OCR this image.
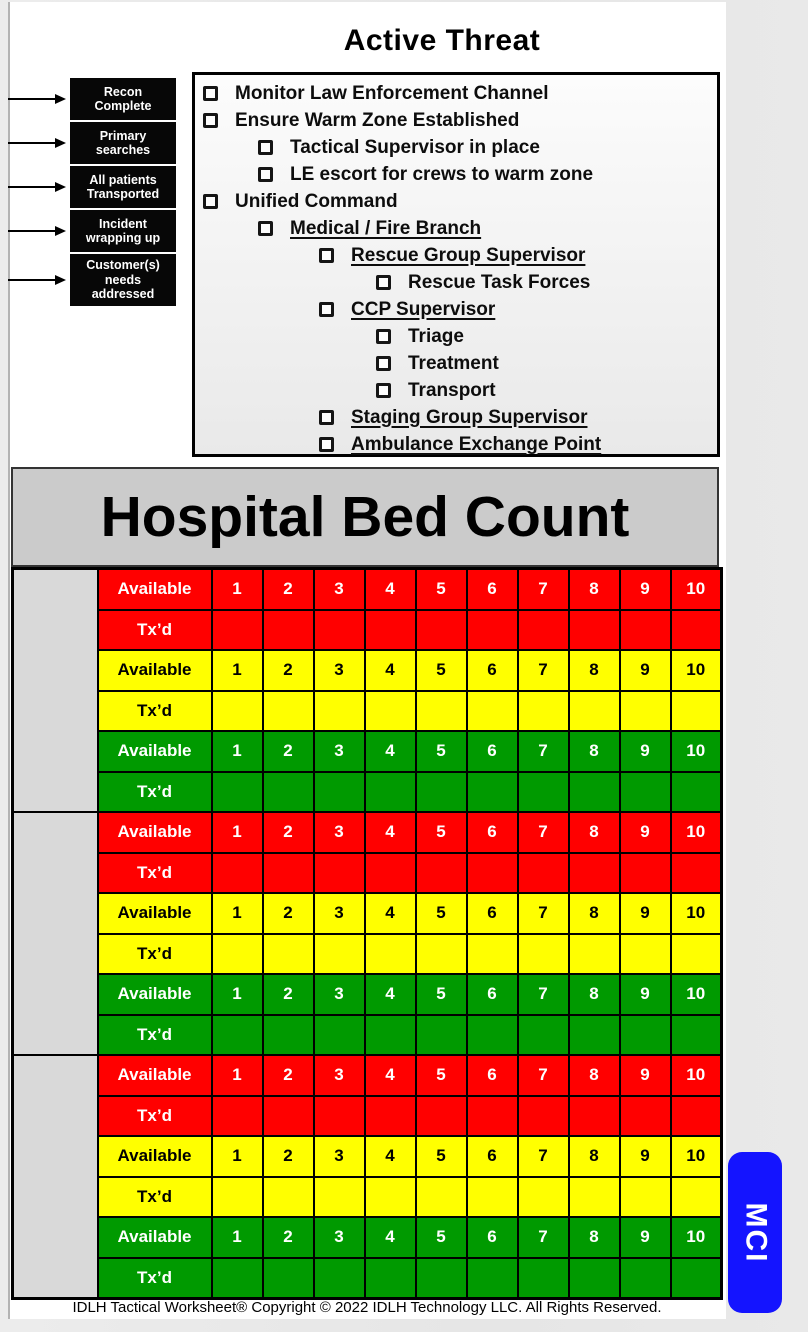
Active Threat
Recon Complete
Primary searches
All patients Transported
Incident wrapping up
Customer(s) needs addressed
Monitor Law Enforcement Channel
Ensure Warm Zone Established
Tactical Supervisor in place
LE escort for crews to warm zone
Unified Command
Medical / Fire Branch
Rescue Group Supervisor
Rescue Task Forces
CCP Supervisor
Triage
Treatment
Transport
Staging Group Supervisor
Ambulance Exchange Point
Hospital Bed Count
	Available	1	2	3	4	5	6	7	8	9	10
	Tx’d										
	Available	1	2	3	4	5	6	7	8	9	10
	Tx’d										
	Available	1	2	3	4	5	6	7	8	9	10
	Tx’d										
	Available	1	2	3	4	5	6	7	8	9	10
	Tx’d										
	Available	1	2	3	4	5	6	7	8	9	10
	Tx’d										
	Available	1	2	3	4	5	6	7	8	9	10
	Tx’d										
	Available	1	2	3	4	5	6	7	8	9	10
	Tx’d										
	Available	1	2	3	4	5	6	7	8	9	10
	Tx’d										
	Available	1	2	3	4	5	6	7	8	9	10
	Tx’d										
IDLH Tactical Worksheet® Copyright © 2022 IDLH Technology LLC. All Rights Reserved.
MCI
